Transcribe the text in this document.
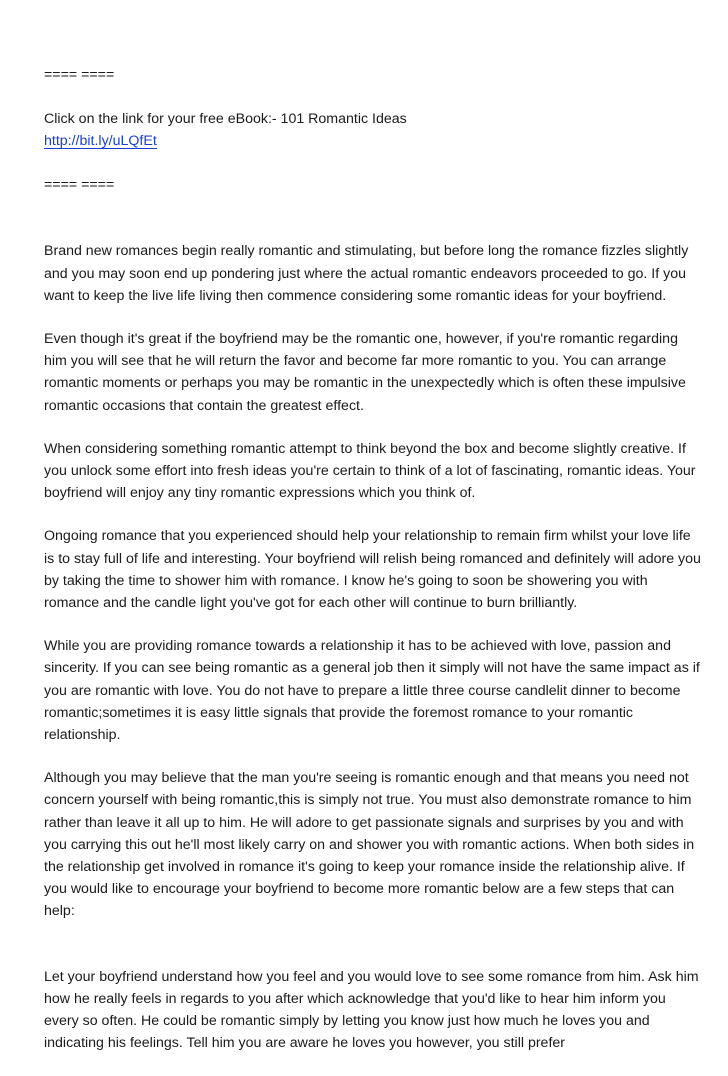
==== ====

Click on the link for your free eBook:- 101 Romantic Ideas

http://bit.ly/uLQfEt

==== ====

Brand new romances begin really romantic and stimulating, but before long the romance fizzles slightly and you may soon end up pondering just where the actual romantic endeavors proceeded to go. If you want to keep the live life living then commence considering some romantic ideas for your boyfriend.

Even though it's great if the boyfriend may be the romantic one, however, if you're romantic regarding him you will see that he will return the favor and become far more romantic to you. You can arrange romantic moments or perhaps you may be romantic in the unexpectedly which is often these impulsive romantic occasions that contain the greatest effect.

When considering something romantic attempt to think beyond the box and become slightly creative. If you unlock some effort into fresh ideas you're certain to think of a lot of fascinating, romantic ideas. Your boyfriend will enjoy any tiny romantic expressions which you think of.

Ongoing romance that you experienced should help your relationship to remain firm whilst your love life is to stay full of life and interesting. Your boyfriend will relish being romanced and definitely will adore you by taking the time to shower him with romance. I know he's going to soon be showering you with romance and the candle light you've got for each other will continue to burn brilliantly.

While you are providing romance towards a relationship it has to be achieved with love, passion and sincerity. If you can see being romantic as a general job then it simply will not have the same impact as if you are romantic with love. You do not have to prepare a little three course candlelit dinner to become romantic;sometimes it is easy little signals that provide the foremost romance to your romantic relationship.

Although you may believe that the man you're seeing is romantic enough and that means you need not concern yourself with being romantic,this is simply not true. You must also demonstrate romance to him rather than leave it all up to him. He will adore to get passionate signals and surprises by you and with you carrying this out he'll most likely carry on and shower you with romantic actions. When both sides in the relationship get involved in romance it's going to keep your romance inside the relationship alive. If you would like to encourage your boyfriend to become more romantic below are a few steps that can help:

Let your boyfriend understand how you feel and you would love to see some romance from him. Ask him how he really feels in regards to you after which acknowledge that you'd like to hear him inform you every so often. He could be romantic simply by letting you know just how much he loves you and indicating his feelings. Tell him you are aware he loves you however, you still prefer
